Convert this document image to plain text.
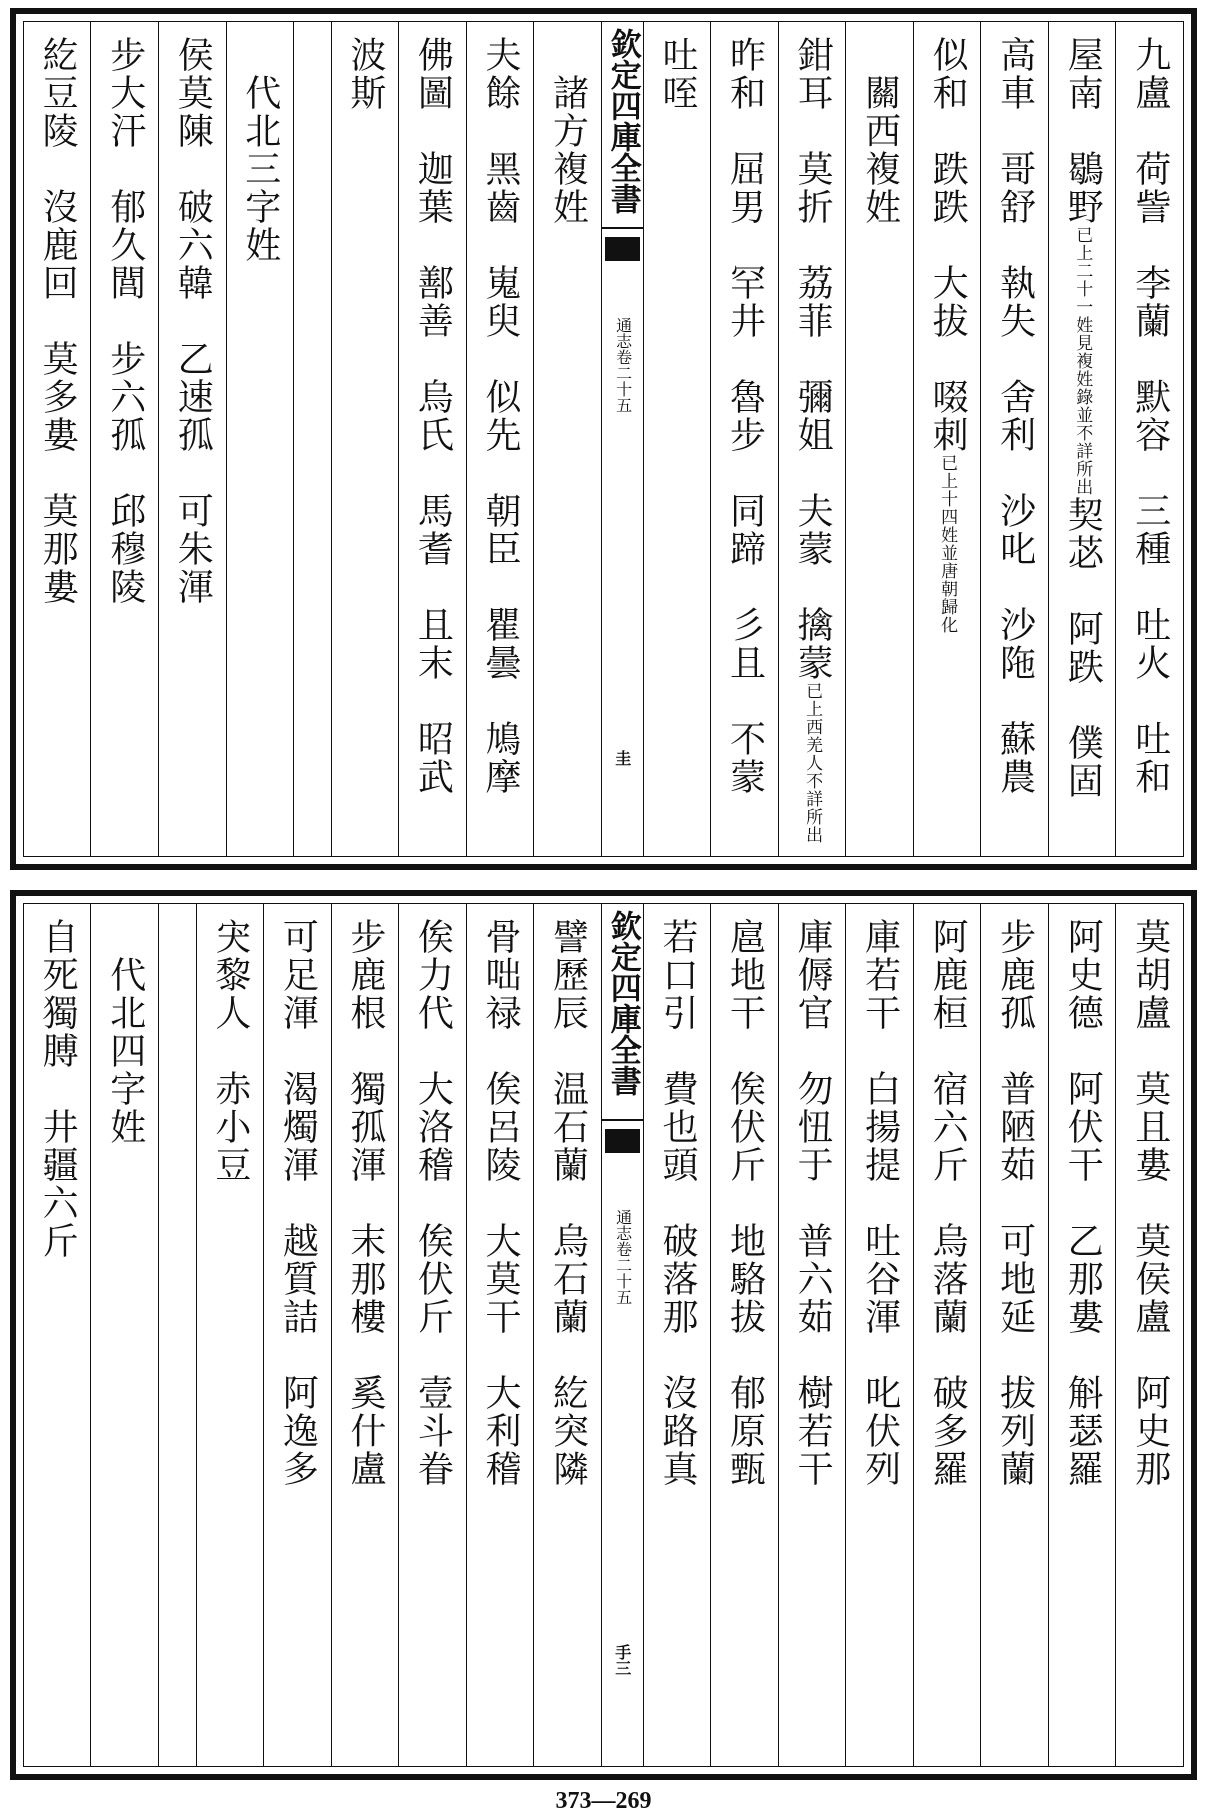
九盧　荷訾　李蘭　默容　三種　吐火　吐和
屋南　鶡野已上二十一姓見複姓錄並不詳所出契苾　阿跌　僕固
高車　哥舒　執失　舍利　沙叱　沙陁　蘇農
似和　跌跌　大拔　啜刺已上十四姓並唐朝歸化
　關西複姓
鉗耳　莫折　荔菲　彌姐　夫蒙　擒蒙已上西羌人不詳所出
昨和　屈男　罕井　魯步　同蹄　彡且　不蒙
吐咥
欽定四庫全書
通志卷二十五
圭
　諸方複姓
夫餘　黑齒　嵬臾　似先　朝臣　瞿曇　鳩摩
佛圖　迦葉　鄯善　烏氏　馬耆　且末　昭武
波斯
　代北三字姓
侯莫陳　破六韓　乙速孤　可朱渾
步大汗　郁久閭　步六孤　邱穆陵
紇豆陵　沒鹿回　莫多婁　莫那婁
莫胡盧　莫且婁　莫侯盧　阿史那
阿史德　阿伏干　乙那婁　斛瑟羅
步鹿孤　普陋茹　可地延　拔列蘭
阿鹿桓　宿六斤　烏落蘭　破多羅
庫若干　白揚提　吐谷渾　叱伏列
庫傉官　勿忸于　普六茹　樹若干
扈地干　俟伏斤　地駱拔　郁原甄
若口引　費也頭　破落那　沒路真
欽定四庫全書
通志卷二十五
手三
譬歷辰　温石蘭　烏石蘭　紇突隣
骨咄禄　俟呂陵　大莫干　大利稽
俟力代　大洛稽　俟伏斤　壹斗眷
步鹿根　獨孤渾　末那樓　奚什盧
可足渾　渴燭渾　越質詰　阿逸多
宊黎人　赤小豆
　代北四字姓
自死獨膊　井疆六斤
373—269
